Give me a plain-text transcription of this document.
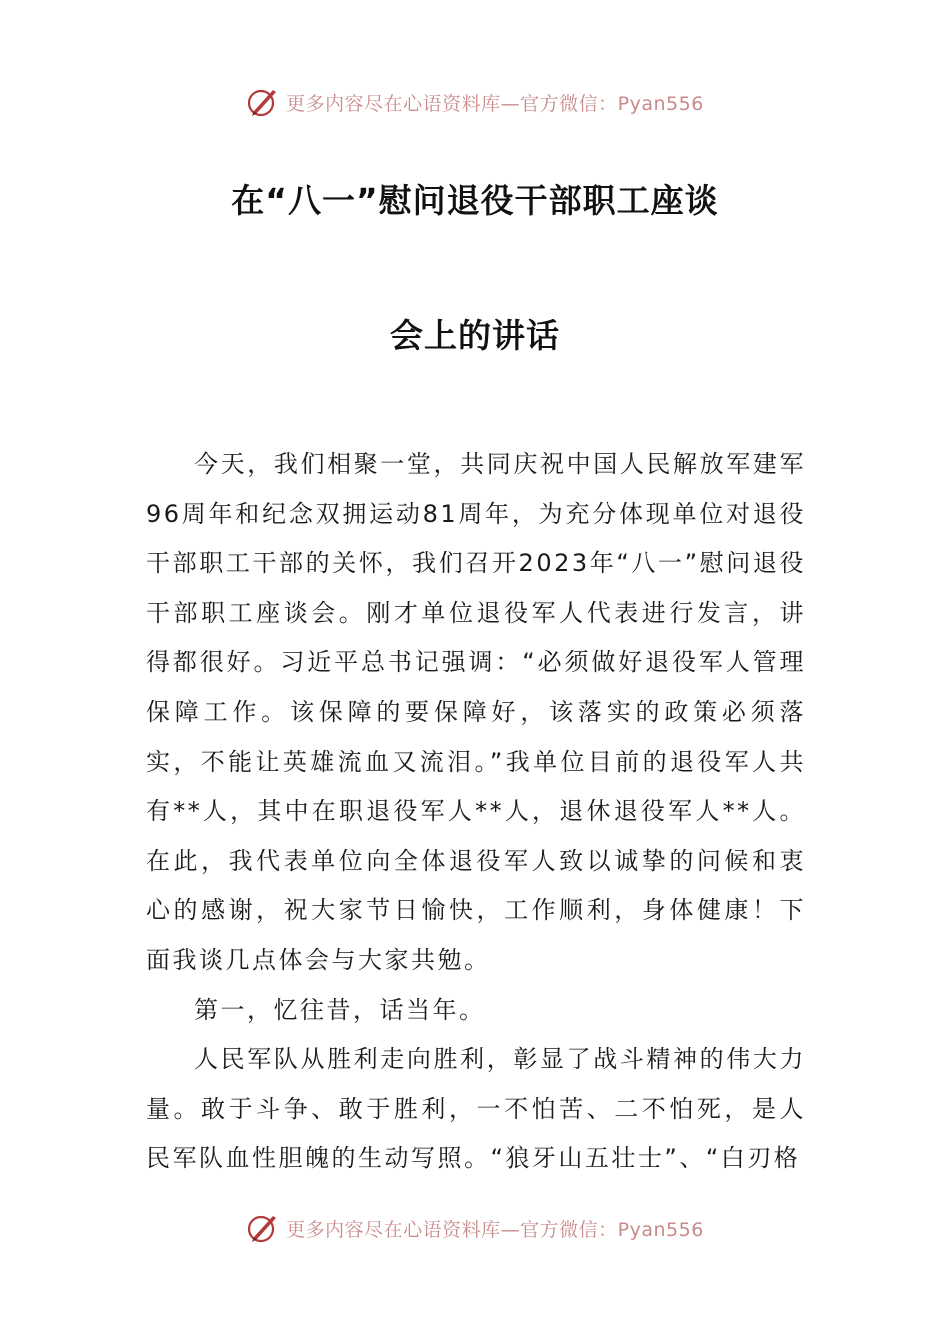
更多内容尽在心语资料库—官方微信：Pyan556
在“八一”慰问退役干部职工座谈
会上的讲话

今天，我们相聚一堂，共同庆祝中国人民解放军建军96周年和纪念双拥运动81周年，为充分体现单位对退役干部职工干部的关怀，我们召开2023年“八一”慰问退役干部职工座谈会。刚才单位退役军人代表进行发言，讲得都很好。习近平总书记强调：“必须做好退役军人管理保障工作。该保障的要保障好，该落实的政策必须落实，不能让英雄流血又流泪。”我单位目前的退役军人共有**人，其中在职退役军人**人，退休退役军人**人。在此，我代表单位向全体退役军人致以诚挚的问候和衷心的感谢，祝大家节日愉快，工作顺利，身体健康！下面我谈几点体会与大家共勉。

第一，忆往昔，话当年。

人民军队从胜利走向胜利，彰显了战斗精神的伟大力量。敢于斗争、敢于胜利，一不怕苦、二不怕死，是人民军队血性胆魄的生动写照。“狼牙山五壮士”、“白刃格

更多内容尽在心语资料库—官方微信：Pyan556
